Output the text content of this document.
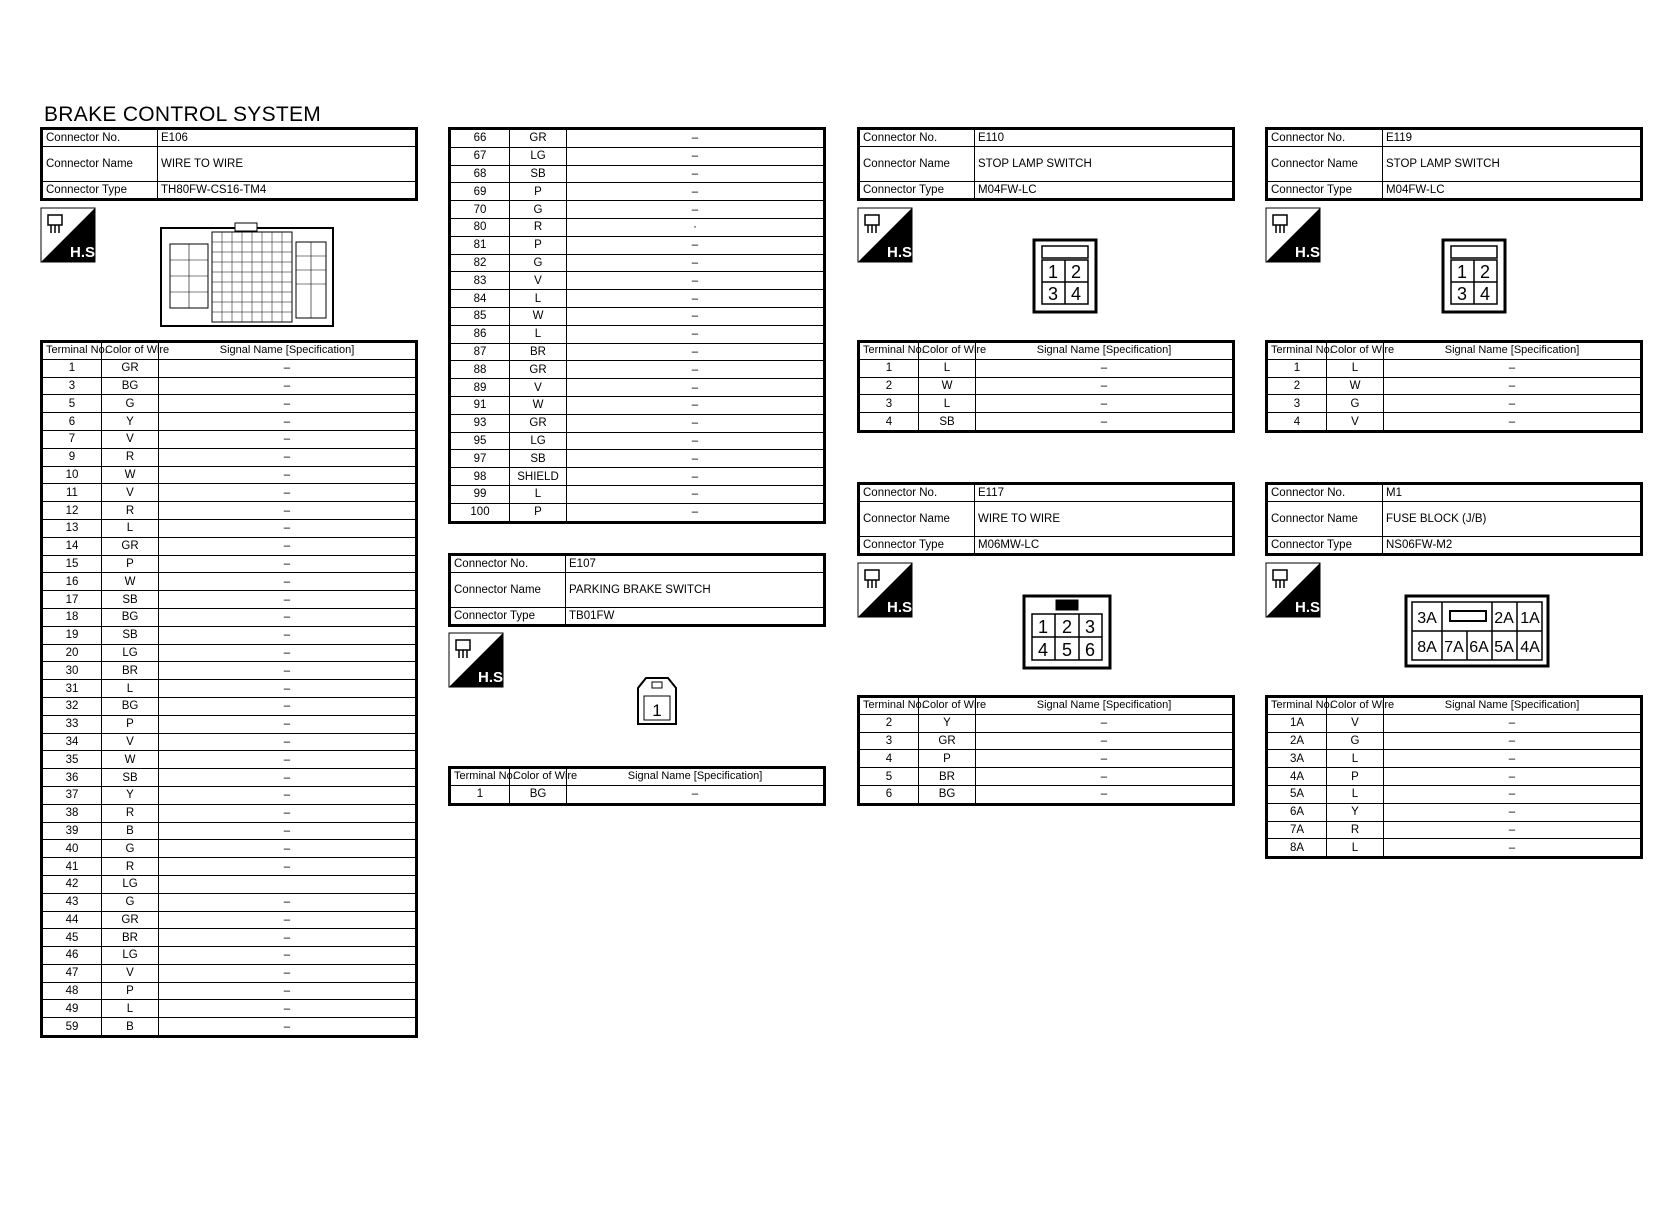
BRAKE CONTROL SYSTEM
Connector No.	E106
Connector Name	WIRE TO WIRE
Connector Type	TH80FW-CS16-TM4
H.S.
Terminal No.	Color of Wire	Signal Name [Specification]
1	GR	–
3	BG	–
5	G	–
6	Y	–
7	V	–
9	R	–
10	W	–
11	V	–
12	R	–
13	L	–
14	GR	–
15	P	–
16	W	–
17	SB	–
18	BG	–
19	SB	–
20	LG	–
30	BR	–
31	L	–
32	BG	–
33	P	–
34	V	–
35	W	–
36	SB	–
37	Y	–
38	R	–
39	B	–
40	G	–
41	R	–
42	LG	
43	G	–
44	GR	–
45	BR	–
46	LG	–
47	V	–
48	P	–
49	L	–
59	B	–
66	GR	–
67	LG	–
68	SB	–
69	P	–
70	G	–
80	R	·
81	P	–
82	G	–
83	V	–
84	L	–
85	W	–
86	L	–
87	BR	–
88	GR	–
89	V	–
91	W	–
93	GR	–
95	LG	–
97	SB	–
98	SHIELD	–
99	L	–
100	P	–
Connector No.	E107
Connector Name	PARKING BRAKE SWITCH
Connector Type	TB01FW
H.S.
1
Terminal No.	Color of Wire	Signal Name [Specification]
1	BG	–
Connector No.	E110
Connector Name	STOP LAMP SWITCH
Connector Type	M04FW-LC
H.S.
1 2
3 4
Terminal No.	Color of Wire	Signal Name [Specification]
1	L	–
2	W	–
3	L	–
4	SB	–
Connector No.	E117
Connector Name	WIRE TO WIRE
Connector Type	M06MW-LC
H.S.
1 2 3
4 5 6
Terminal No.	Color of Wire	Signal Name [Specification]
2	Y	–
3	GR	–
4	P	–
5	BR	–
6	BG	–
Connector No.	E119
Connector Name	STOP LAMP SWITCH
Connector Type	M04FW-LC
H.S.
1 2
3 4
Terminal No.	Color of Wire	Signal Name [Specification]
1	L	–
2	W	–
3	G	–
4	V	–
Connector No.	M1
Connector Name	FUSE BLOCK (J/B)
Connector Type	NS06FW-M2
H.S.
3A	2A 1A
8A 7A 6A 5A 4A
Terminal No.	Color of Wire	Signal Name [Specification]
1A	V	–
2A	G	–
3A	L	–
4A	P	–
5A	L	–
6A	Y	–
7A	R	–
8A	L	–
